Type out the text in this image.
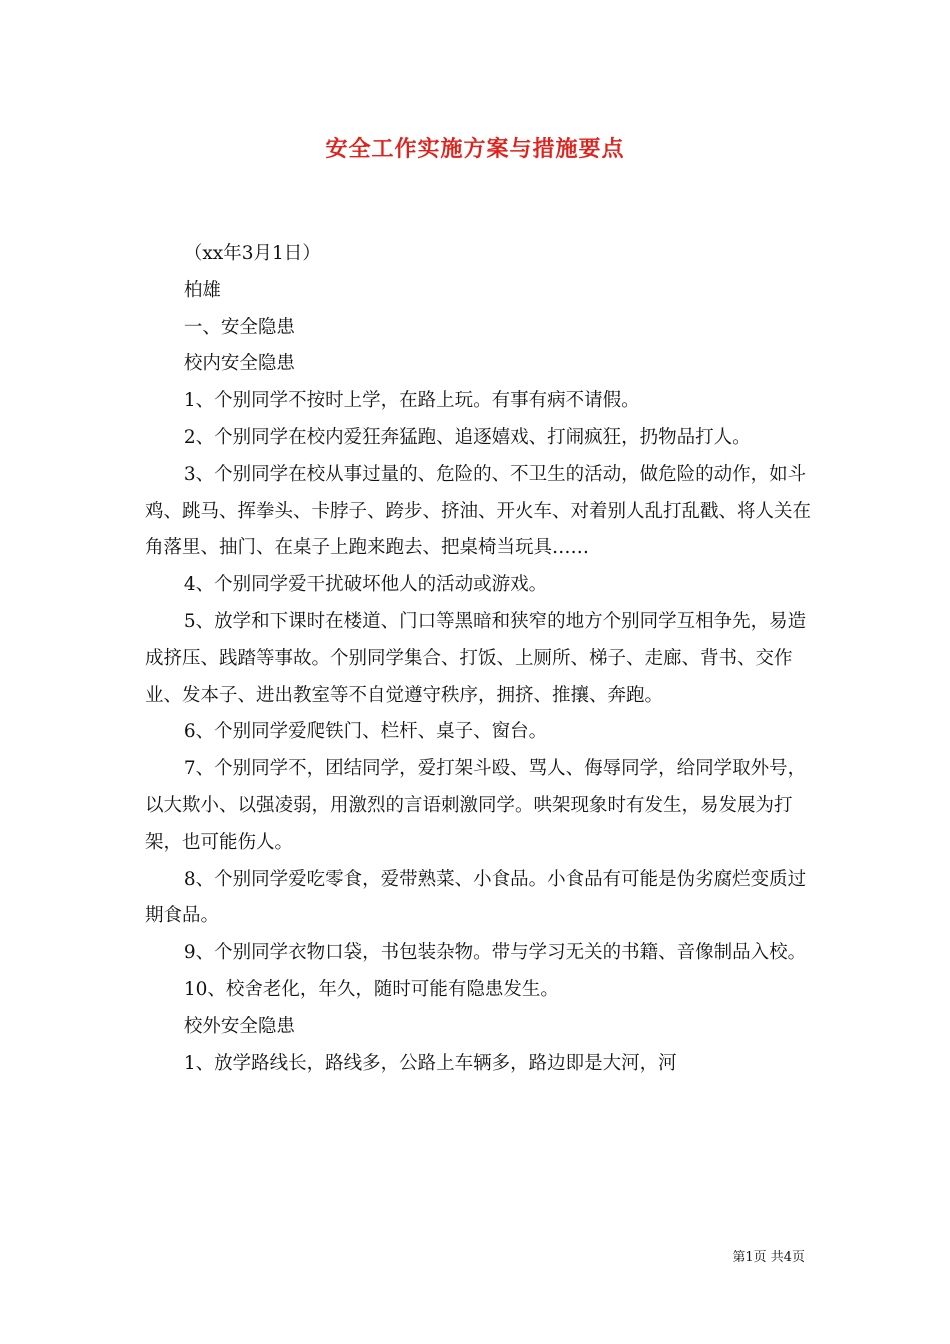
安全工作实施方案与措施要点

（xx年3月1日）

柏雄

一、安全隐患

校内安全隐患

1、个别同学不按时上学，在路上玩。有事有病不请假。

2、个别同学在校内爱狂奔猛跑、追逐嬉戏、打闹疯狂，扔物品打人。

3、个别同学在校从事过量的、危险的、不卫生的活动，做危险的动作，如斗鸡、跳马、挥拳头、卡脖子、跨步、挤油、开火车、对着别人乱打乱戳、将人关在角落里、抽门、在桌子上跑来跑去、把桌椅当玩具……

4、个别同学爱干扰破坏他人的活动或游戏。

5、放学和下课时在楼道、门口等黑暗和狭窄的地方个别同学互相争先，易造成挤压、践踏等事故。个别同学集合、打饭、上厕所、梯子、走廊、背书、交作业、发本子、进出教室等不自觉遵守秩序，拥挤、推攘、奔跑。

6、个别同学爱爬铁门、栏杆、桌子、窗台。

7、个别同学不，团结同学，爱打架斗殴、骂人、侮辱同学，给同学取外号，以大欺小、以强凌弱，用激烈的言语刺激同学。哄架现象时有发生，易发展为打架，也可能伤人。

8、个别同学爱吃零食，爱带熟菜、小食品。小食品有可能是伪劣腐烂变质过期食品。

9、个别同学衣物口袋，书包装杂物。带与学习无关的书籍、音像制品入校。

10、校舍老化，年久，随时可能有隐患发生。

校外安全隐患

1、放学路线长，路线多，公路上车辆多，路边即是大河，河

第1页 共4页
